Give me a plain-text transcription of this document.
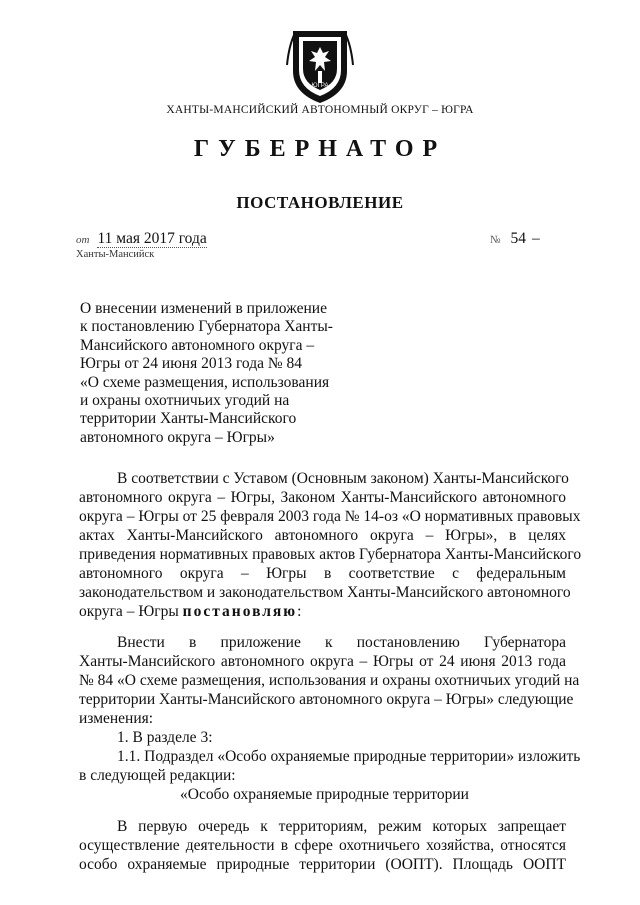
ЮГРА
ХАНТЫ-МАНСИЙСКИЙ АВТОНОМНЫЙ ОКРУГ – ЮГРА
ГУБЕРНАТОР
ПОСТАНОВЛЕНИЕ
от 11 мая 2017 года	№ 54 –
Ханты-Мансийск
О внесении изменений в приложение
к постановлению Губернатора Ханты-
Мансийского автономного округа –
Югры от 24 июня 2013 года № 84
«О схеме размещения, использования
и охраны охотничьих угодий на
территории Ханты-Мансийского
автономного округа – Югры»
В соответствии с Уставом (Основным законом) Ханты-Мансийского
автономного округа – Югры, Законом Ханты-Мансийского автономного
округа – Югры от 25 февраля 2003 года № 14-оз «О нормативных правовых
актах Ханты-Мансийского автономного округа – Югры», в целях
приведения нормативных правовых актов Губернатора Ханты-Мансийского
автономного округа – Югры в соответствие с федеральным
законодательством и законодательством Ханты-Мансийского автономного
округа – Югры постановляю:
Внести в приложение к постановлению Губернатора
Ханты-Мансийского автономного округа – Югры от 24 июня 2013 года
№ 84 «О схеме размещения, использования и охраны охотничьих угодий на
территории Ханты-Мансийского автономного округа – Югры» следующие
изменения:
1. В разделе 3:
1.1. Подраздел «Особо охраняемые природные территории» изложить
в следующей редакции:
«Особо охраняемые природные территории
В первую очередь к территориям, режим которых запрещает
осуществление деятельности в сфере охотничьего хозяйства, относятся
особо охраняемые природные территории (ООПТ). Площадь ООПТ
